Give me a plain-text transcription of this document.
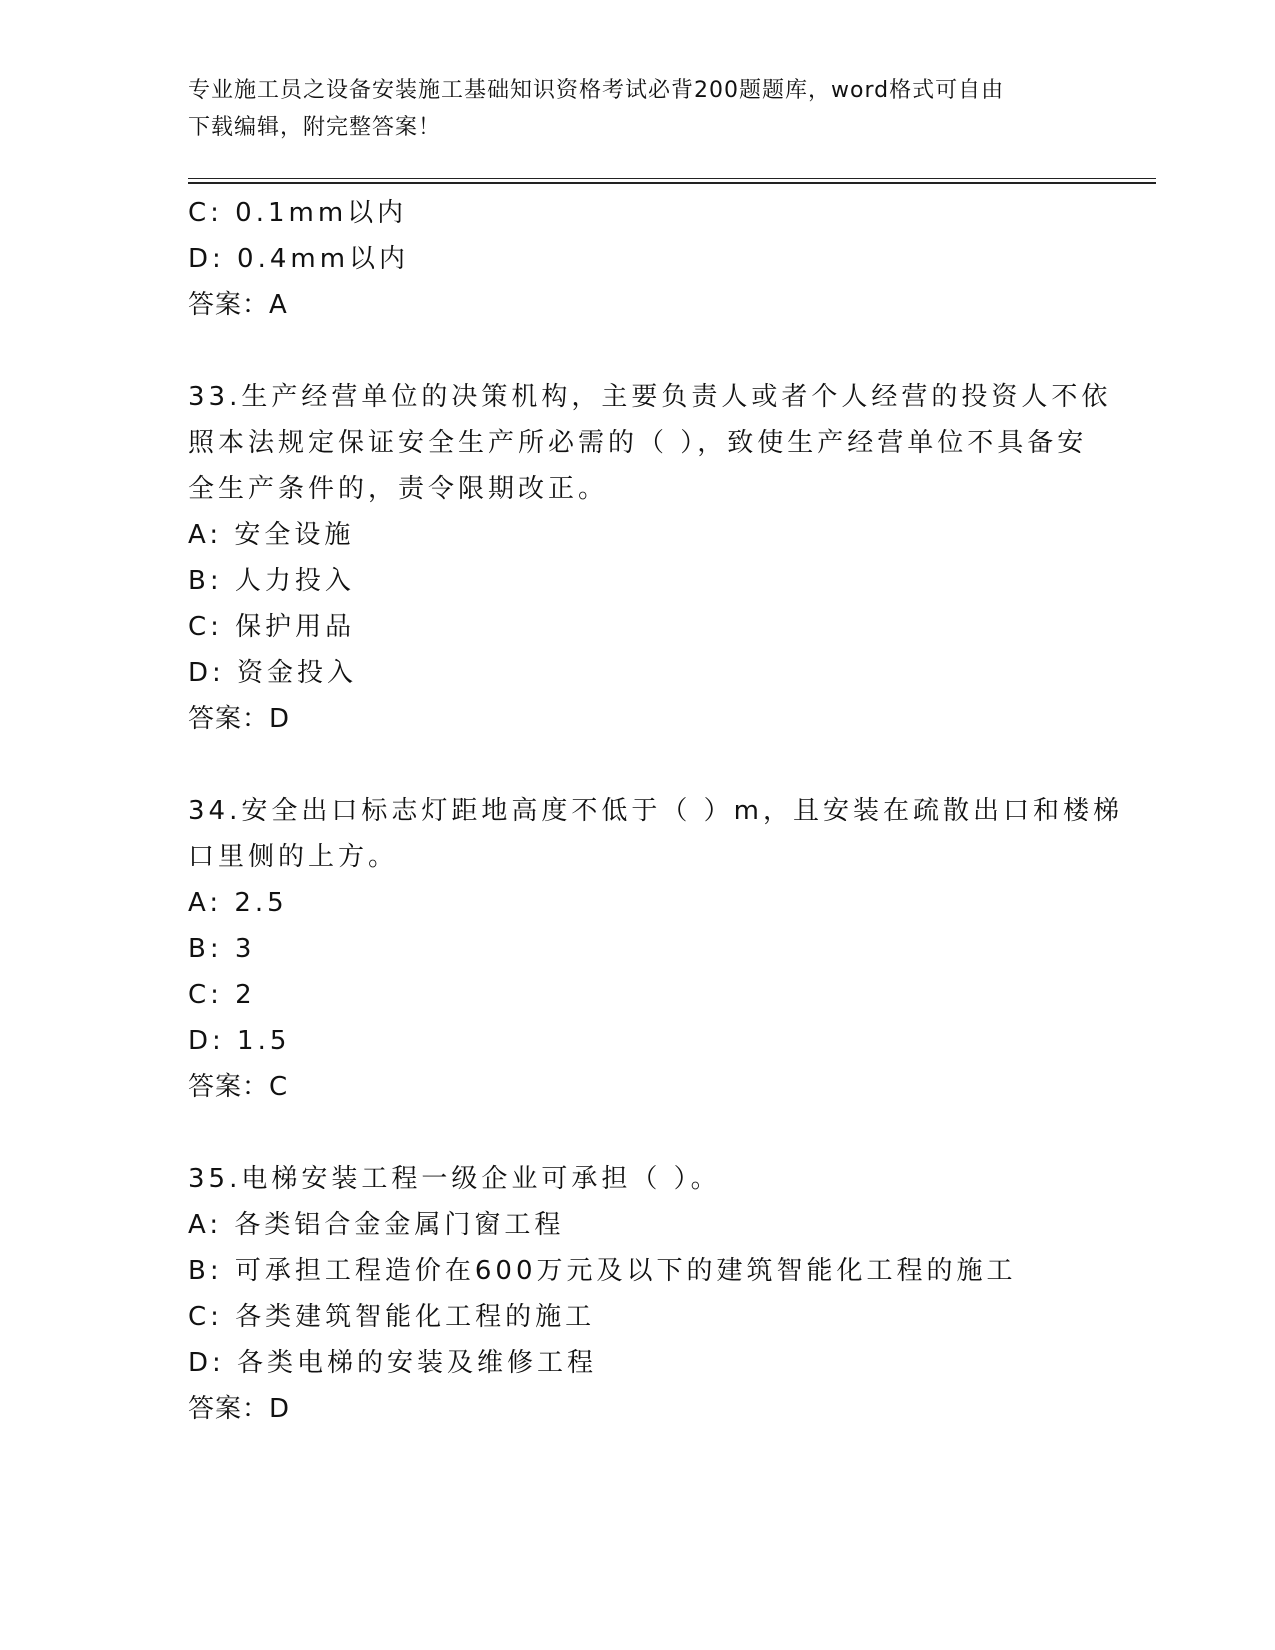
专业施工员之设备安装施工基础知识资格考试必背200题题库，word格式可自由
下载编辑，附完整答案！
C: 0.1mm以内
D: 0.4mm以内
答案：A
33.生产经营单位的决策机构，主要负责人或者个人经营的投资人不依
照本法规定保证安全生产所必需的（ ），致使生产经营单位不具备安
全生产条件的，责令限期改正。
A: 安全设施
B: 人力投入
C: 保护用品
D: 资金投入
答案：D
34.安全出口标志灯距地高度不低于（ ）m，且安装在疏散出口和楼梯
口里侧的上方。
A: 2.5
B: 3
C: 2
D: 1.5
答案：C
35.电梯安装工程一级企业可承担（ ）。
A: 各类铝合金金属门窗工程
B: 可承担工程造价在600万元及以下的建筑智能化工程的施工
C: 各类建筑智能化工程的施工
D: 各类电梯的安装及维修工程
答案：D
